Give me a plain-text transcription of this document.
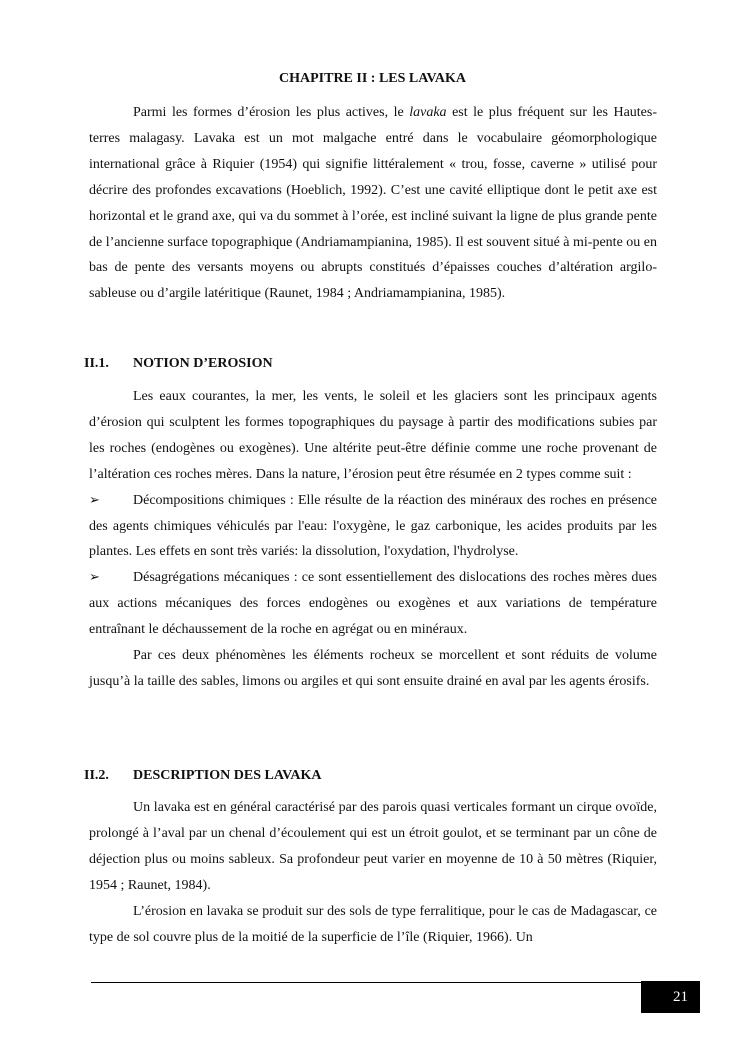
CHAPITRE II : LES LAVAKA

Parmi les formes d’érosion les plus actives, le lavaka est le plus fréquent sur les Hautes-terres malagasy. Lavaka est un mot malgache entré dans le vocabulaire géomorphologique international grâce à Riquier (1954) qui signifie littéralement « trou, fosse, caverne » utilisé pour décrire des profondes excavations (Hoeblich, 1992). C’est une cavité elliptique dont le petit axe est horizontal et le grand axe, qui va du sommet à l’orée, est incliné suivant la ligne de plus grande pente de l’ancienne surface topographique (Andriamampianina, 1985). Il est souvent situé à mi-pente ou en bas de pente des versants moyens ou abrupts constitués d’épaisses couches d’altération argilo-sableuse ou d’argile latéritique (Raunet, 1984 ; Andriamampianina, 1985).

II.1. NOTION D’EROSION

Les eaux courantes, la mer, les vents, le soleil et les glaciers sont les principaux agents d’érosion qui sculptent les formes topographiques du paysage à partir des modifications subies par les roches (endogènes ou exogènes). Une altérite peut-être définie comme une roche provenant de l’altération ces roches mères. Dans la nature, l’érosion peut être résumée en 2 types comme suit :

➢ Décompositions chimiques : Elle résulte de la réaction des minéraux des roches en présence des agents chimiques véhiculés par l'eau: l'oxygène, le gaz carbonique, les acides produits par les plantes. Les effets en sont très variés: la dissolution, l'oxydation, l'hydrolyse.

➢ Désagrégations mécaniques : ce sont essentiellement des dislocations des roches mères dues aux actions mécaniques des forces endogènes ou exogènes et aux variations de température entraînant le déchaussement de la roche en agrégat ou en minéraux.

Par ces deux phénomènes les éléments rocheux se morcellent et sont réduits de volume jusqu’à la taille des sables, limons ou argiles et qui sont ensuite drainé en aval par les agents érosifs.

II.2. DESCRIPTION DES LAVAKA

Un lavaka est en général caractérisé par des parois quasi verticales formant un cirque ovoïde, prolongé à l’aval par un chenal d’écoulement qui est un étroit goulot, et se terminant par un cône de déjection plus ou moins sableux. Sa profondeur peut varier en moyenne de 10 à 50 mètres (Riquier, 1954 ; Raunet, 1984).

L’érosion en lavaka se produit sur des sols de type ferralitique, pour le cas de Madagascar, ce type de sol couvre plus de la moitié de la superficie de l’île (Riquier, 1966). Un

21
